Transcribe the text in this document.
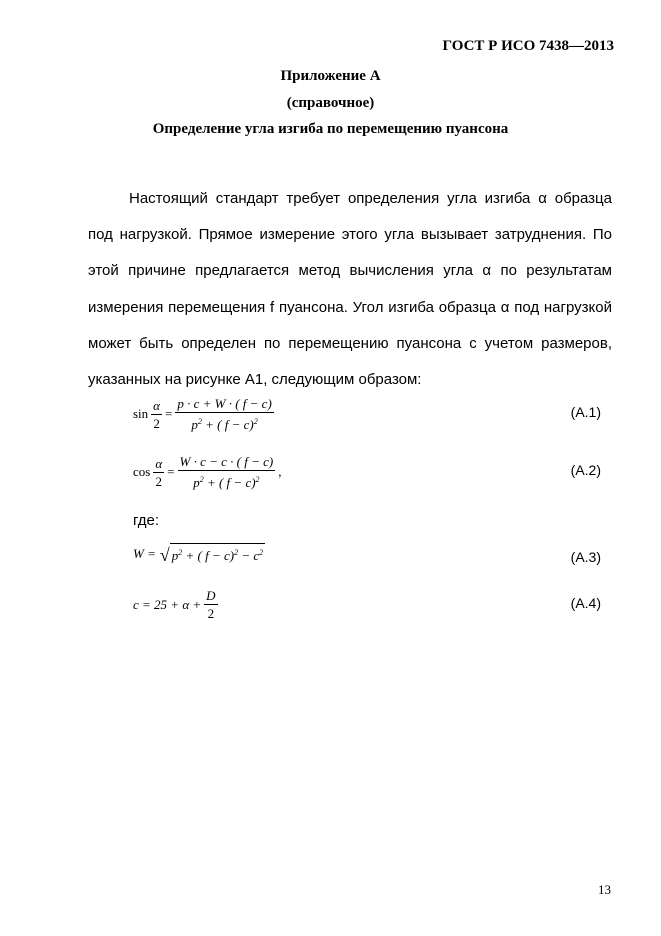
ГОСТ Р ИСО 7438—2013
Приложение А
(справочное)
Определение угла изгиба по перемещению пуансона

Настоящий стандарт требует определения угла изгиба α образца под нагрузкой. Прямое измерение этого угла вызывает затруднения. По этой причине предлагается метод вычисления угла α по результатам измерения перемещения f пуансона. Угол изгиба образца α под нагрузкой может быть определен по перемещению пуансона с учетом размеров, указанных на рисунке А1, следующим образом:

$\sin \frac{\alpha}{2} = \frac{p \cdot c + W \cdot ( f - c)}{p^2 + ( f - c)^2}$	(А.1)
$\cos \frac{\alpha}{2} = \frac{W \cdot c - c \cdot ( f - c)}{p^2 + ( f - c)^2}$ ,	(А.2)
где:
W = √ $p^2$ + ( $f - c)^2 - c^2$	(А.3)
$c = 25 + \alpha + \frac{D}{2}$	(А.4)
13
